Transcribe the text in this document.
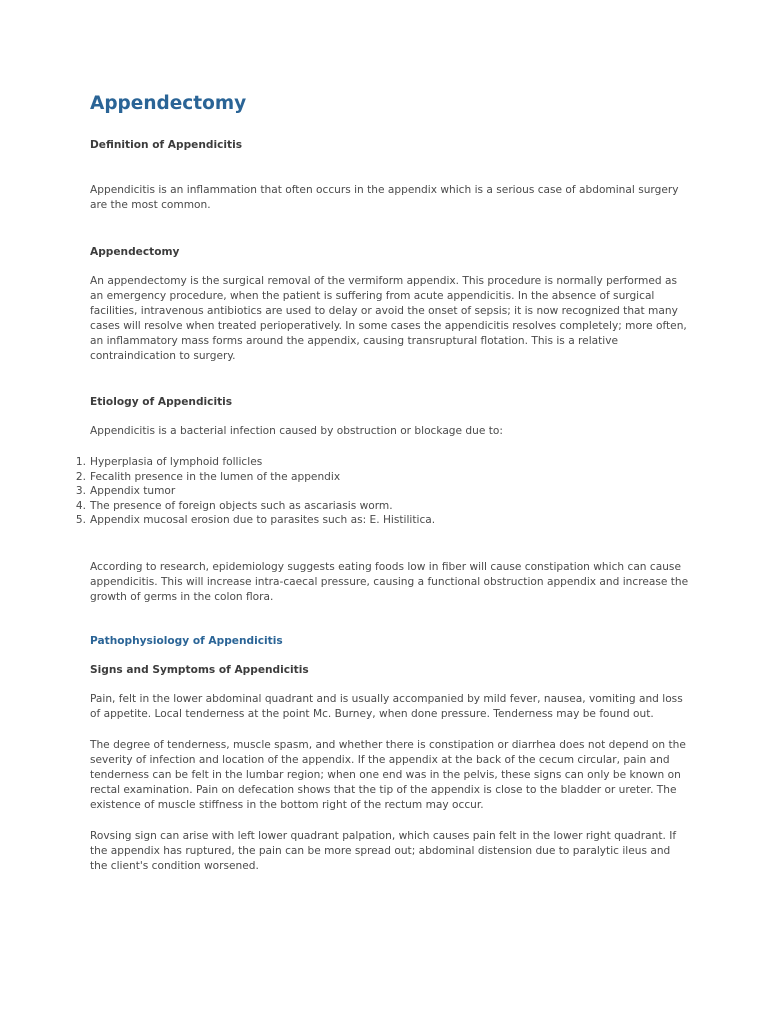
Appendectomy
Definition of Appendicitis

Appendicitis is an inflammation that often occurs in the appendix which is a serious case of abdominal surgery are the most common.

Appendectomy

An appendectomy is the surgical removal of the vermiform appendix. This procedure is normally performed as an emergency procedure, when the patient is suffering from acute appendicitis. In the absence of surgical facilities, intravenous antibiotics are used to delay or avoid the onset of sepsis; it is now recognized that many cases will resolve when treated perioperatively. In some cases the appendicitis resolves completely; more often, an inflammatory mass forms around the appendix, causing transruptural flotation. This is a relative contraindication to surgery.

Etiology of Appendicitis

Appendicitis is a bacterial infection caused by obstruction or blockage due to:

1. Hyperplasia of lymphoid follicles
2. Fecalith presence in the lumen of the appendix
3. Appendix tumor
4. The presence of foreign objects such as ascariasis worm.
5. Appendix mucosal erosion due to parasites such as: E. Histilitica.

According to research, epidemiology suggests eating foods low in fiber will cause constipation which can cause appendicitis. This will increase intra-caecal pressure, causing a functional obstruction appendix and increase the growth of germs in the colon flora.

Pathophysiology of Appendicitis
Signs and Symptoms of Appendicitis

Pain, felt in the lower abdominal quadrant and is usually accompanied by mild fever, nausea, vomiting and loss of appetite. Local tenderness at the point Mc. Burney, when done pressure. Tenderness may be found out.

The degree of tenderness, muscle spasm, and whether there is constipation or diarrhea does not depend on the severity of infection and location of the appendix. If the appendix at the back of the cecum circular, pain and tenderness can be felt in the lumbar region; when one end was in the pelvis, these signs can only be known on rectal examination. Pain on defecation shows that the tip of the appendix is close to the bladder or ureter. The existence of muscle stiffness in the bottom right of the rectum may occur.

Rovsing sign can arise with left lower quadrant palpation, which causes pain felt in the lower right quadrant. If the appendix has ruptured, the pain can be more spread out; abdominal distension due to paralytic ileus and the client's condition worsened.
